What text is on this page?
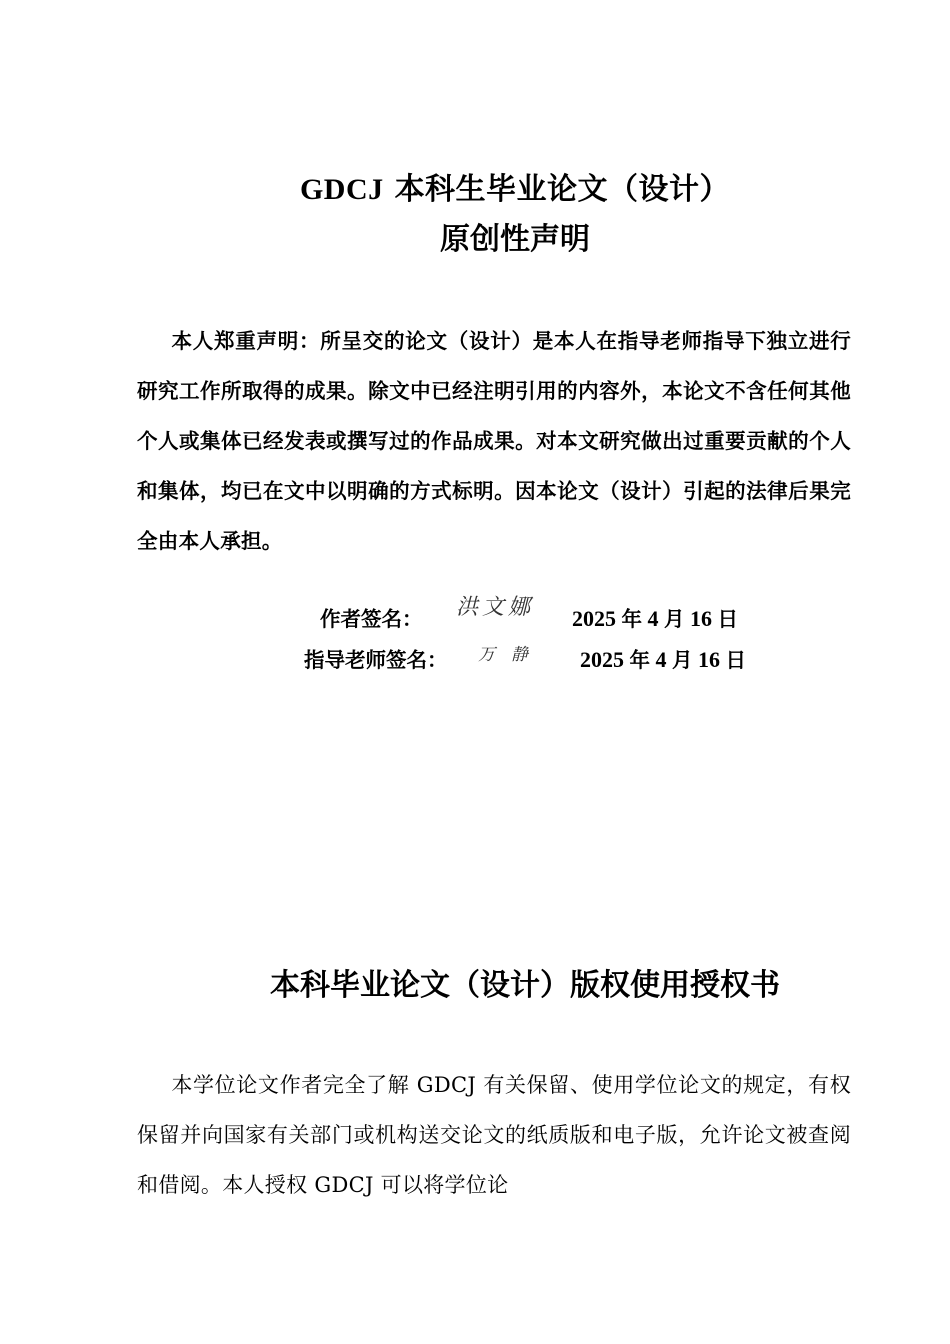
GDCJ 本科生毕业论文（设计）
原创性声明
本人郑重声明：所呈交的论文（设计）是本人在指导老师指导下独立进行研究工作所取得的成果。除文中已经注明引用的内容外，本论文不含任何其他个人或集体已经发表或撰写过的作品成果。对本文研究做出过重要贡献的个人和集体，均已在文中以明确的方式标明。因本论文（设计）引起的法律后果完全由本人承担。
作者签名： 洪文娜 2025 年 4 月 16 日
指导老师签名： 万静 2025 年 4 月 16 日
本科毕业论文（设计）版权使用授权书
本学位论文作者完全了解 GDCJ 有关保留、使用学位论文的规定，有权保留并向国家有关部门或机构送交论文的纸质版和电子版，允许论文被查阅和借阅。本人授权 GDCJ 可以将学位论
